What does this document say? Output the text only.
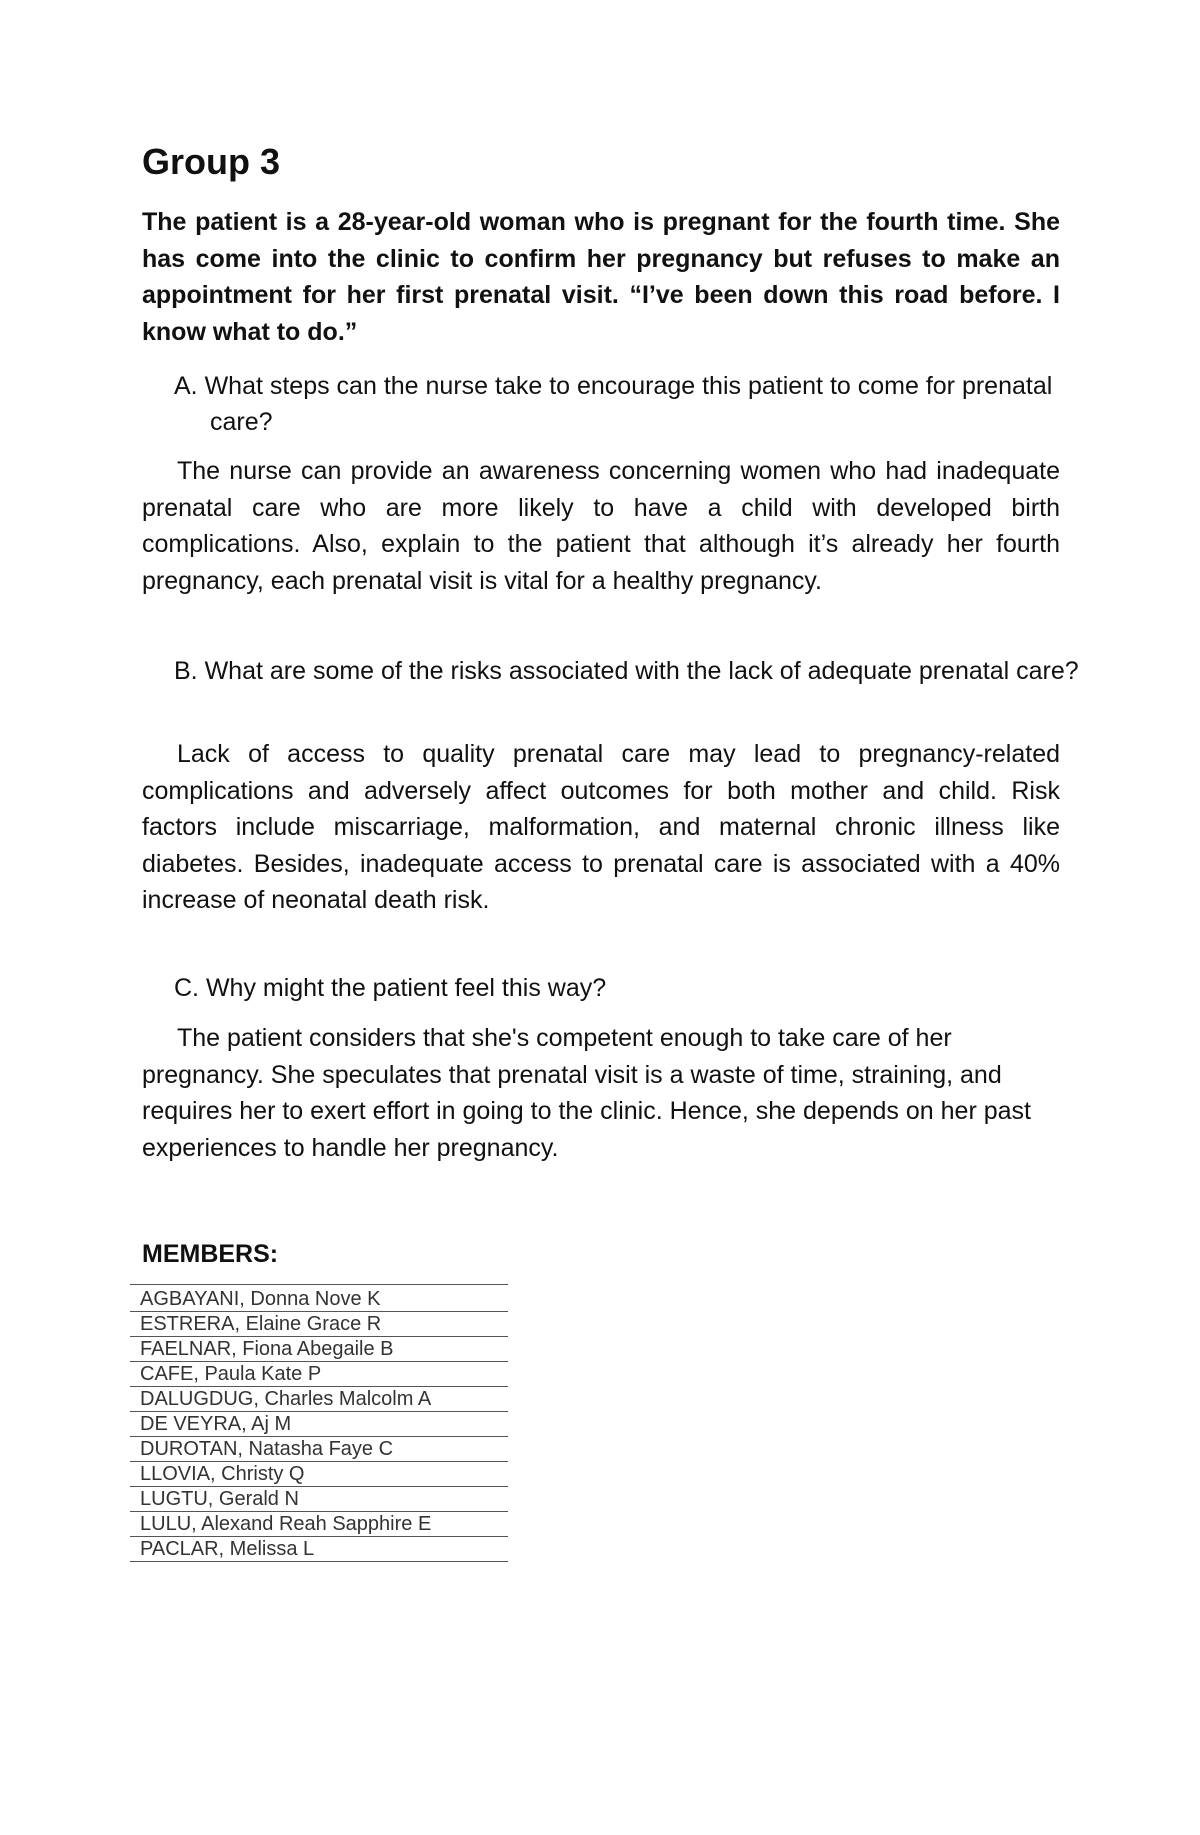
Group 3

The patient is a 28-year-old woman who is pregnant for the fourth time. She has come into the clinic to confirm her pregnancy but refuses to make an appointment for her first prenatal visit. “I’ve been down this road before. I know what to do.”

A. What steps can the nurse take to encourage this patient to come for prenatal care?

The nurse can provide an awareness concerning women who had inadequate prenatal care who are more likely to have a child with developed birth complications. Also, explain to the patient that although it’s already her fourth pregnancy, each prenatal visit is vital for a healthy pregnancy.

B. What are some of the risks associated with the lack of adequate prenatal care?

Lack of access to quality prenatal care may lead to pregnancy-related complications and adversely affect outcomes for both mother and child. Risk factors include miscarriage, malformation, and maternal chronic illness like diabetes. Besides, inadequate access to prenatal care is associated with a 40% increase of neonatal death risk.

C. Why might the patient feel this way?

The patient considers that she's competent enough to take care of her pregnancy. She speculates that prenatal visit is a waste of time, straining, and requires her to exert effort in going to the clinic. Hence, she depends on her past experiences to handle her pregnancy.

MEMBERS:
AGBAYANI, Donna Nove K
ESTRERA, Elaine Grace R
FAELNAR, Fiona Abegaile B
CAFE, Paula Kate P
DALUGDUG, Charles Malcolm A
DE VEYRA, Aj M
DUROTAN, Natasha Faye C
LLOVIA, Christy Q
LUGTU, Gerald N
LULU, Alexand Reah Sapphire E
PACLAR, Melissa L
